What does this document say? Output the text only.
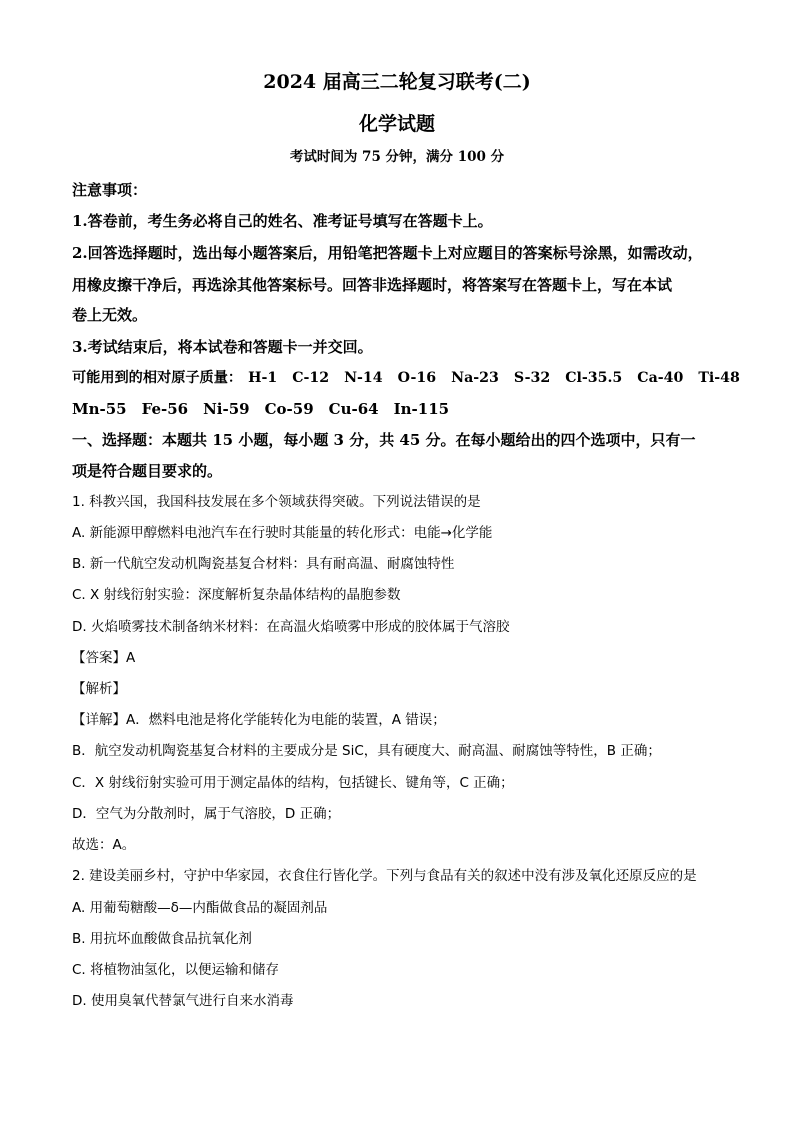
2024 届高三二轮复习联考(二)
化学试题
考试时间为 75 分钟，满分 100 分
注意事项：
1.答卷前，考生务必将自己的姓名、准考证号填写在答题卡上。
2.回答选择题时，选出每小题答案后，用铅笔把答题卡上对应题目的答案标号涂黑，如需改动，
用橡皮擦干净后，再选涂其他答案标号。回答非选择题时，将答案写在答题卡上，写在本试
卷上无效。
3.考试结束后，将本试卷和答题卡一并交回。
可能用到的相对原子质量： H-1 C-12 N-14 O-16 Na-23 S-32 Cl-35.5 Ca-40 Ti-48
Mn-55 Fe-56 Ni-59 Co-59 Cu-64 In-115
一、选择题：本题共 15 小题，每小题 3 分，共 45 分。在每小题给出的四个选项中，只有一
项是符合题目要求的。
1. 科教兴国，我国科技发展在多个领域获得突破。下列说法错误的是
A. 新能源甲醇燃料电池汽车在行驶时其能量的转化形式：电能→化学能
B. 新一代航空发动机陶瓷基复合材料：具有耐高温、耐腐蚀特性
C. X 射线衍射实验：深度解析复杂晶体结构的晶胞参数
D. 火焰喷雾技术制备纳米材料：在高温火焰喷雾中形成的胶体属于气溶胶
【答案】A
【解析】
【详解】A．燃料电池是将化学能转化为电能的装置，A 错误；
B．航空发动机陶瓷基复合材料的主要成分是 SiC，具有硬度大、耐高温、耐腐蚀等特性，B 正确；
C．X 射线衍射实验可用于测定晶体的结构，包括键长、键角等，C 正确；
D．空气为分散剂时，属于气溶胶，D 正确；
故选：A。
2. 建设美丽乡村，守护中华家园，衣食住行皆化学。下列与食品有关的叙述中没有涉及氧化还原反应的是
A. 用葡萄糖酸—δ—内酯做食品的凝固剂品
B. 用抗坏血酸做食品抗氧化剂
C. 将植物油氢化，以便运输和储存
D. 使用臭氧代替氯气进行自来水消毒
